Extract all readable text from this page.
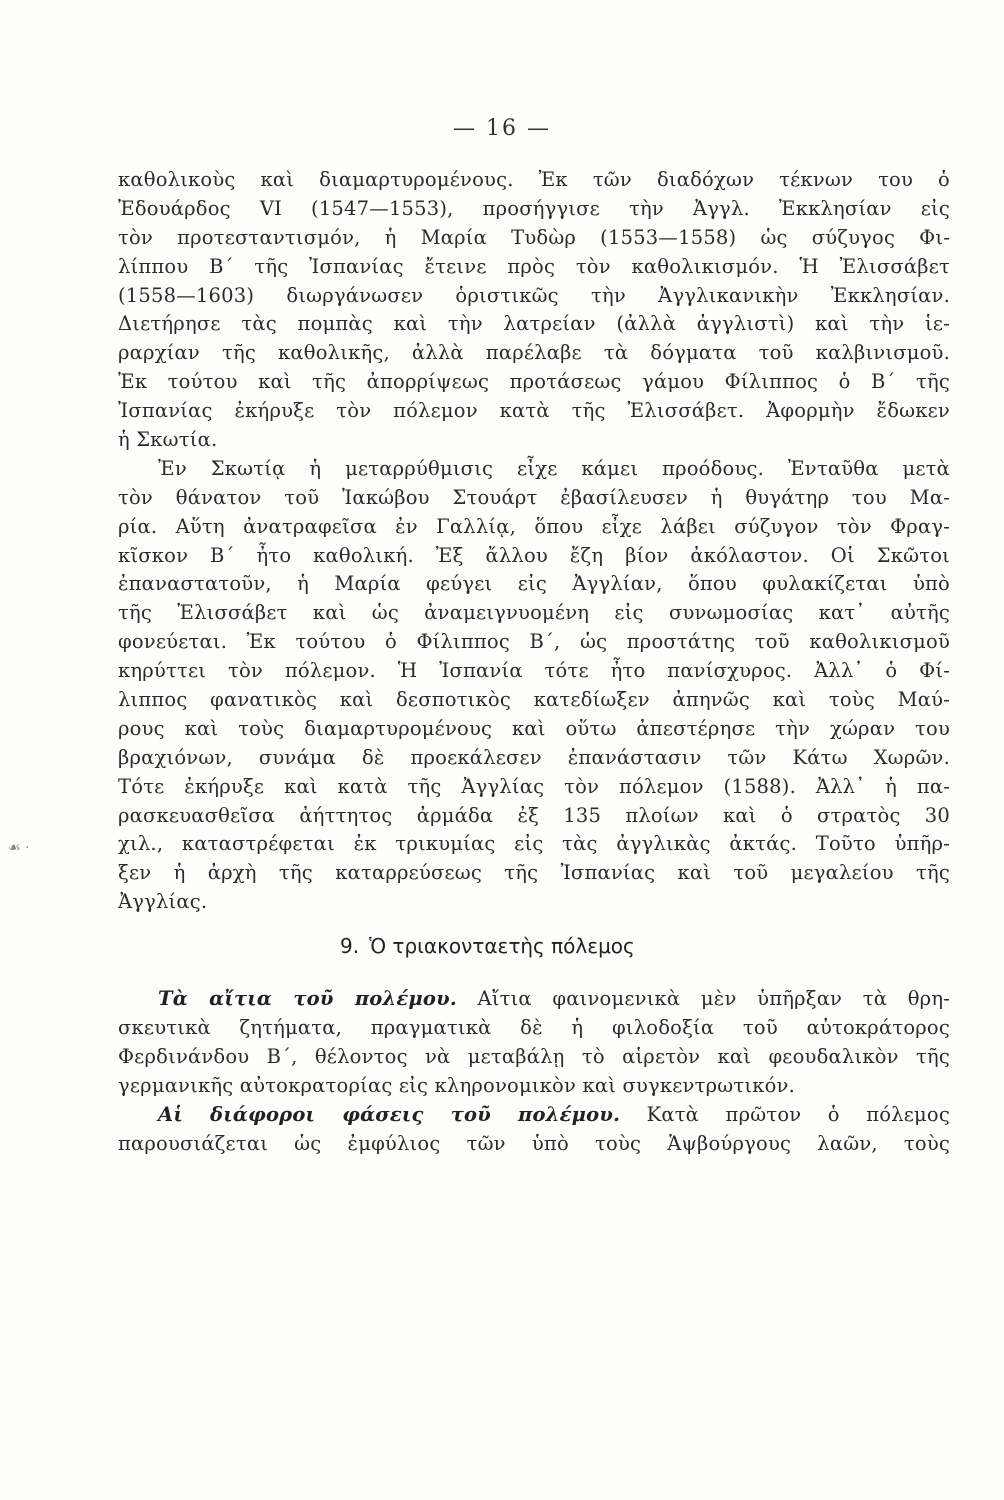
— 16 —
☙ ·
καθολικοὺς καὶ διαμαρτυρομένους. Ἐκ τῶν διαδόχων τέκνων του ὁ
Ἐδουάρδος VI (1547—1553), προσήγγισε τὴν Ἀγγλ. Ἐκκλησίαν εἰς
τὸν προτεσταντισμόν, ἡ Μαρία Τυδὼρ (1553—1558) ὡς σύζυγος Φι-
λίππου Β΄ τῆς Ἰσπανίας ἔτεινε πρὸς τὸν καθολικισμόν. Ἡ Ἐλισσάβετ
(1558—1603) διωργάνωσεν ὁριστικῶς τὴν Ἀγγλικανικὴν Ἐκκλησίαν.
Διετήρησε τὰς πομπὰς καὶ τὴν λατρείαν (ἀλλὰ ἀγγλιστὶ) καὶ τὴν ἱε-
ραρχίαν τῆς καθολικῆς, ἀλλὰ παρέλαβε τὰ δόγματα τοῦ καλβινισμοῦ.
Ἐκ τούτου καὶ τῆς ἀπορρίψεως προτάσεως γάμου Φίλιππος ὁ Β΄ τῆς
Ἰσπανίας ἐκήρυξε τὸν πόλεμον κατὰ τῆς Ἐλισσάβετ. Ἀφορμὴν ἔδωκεν
ἡ Σκωτία.
Ἐν Σκωτίᾳ ἡ μεταρρύθμισις εἶχε κάμει προόδους. Ἐνταῦθα μετὰ
τὸν θάνατον τοῦ Ἰακώβου Στουάρτ ἐβασίλευσεν ἡ θυγάτηρ του Μα-
ρία. Αὕτη ἀνατραφεῖσα ἐν Γαλλίᾳ, ὅπου εἶχε λάβει σύζυγον τὸν Φραγ-
κῖσκον Β΄ ἦτο καθολική. Ἐξ ἄλλου ἔζη βίον ἀκόλαστον. Οἱ Σκῶτοι
ἐπαναστατοῦν, ἡ Μαρία φεύγει εἰς Ἀγγλίαν, ὅπου φυλακίζεται ὑπὸ
τῆς Ἐλισσάβετ καὶ ὡς ἀναμειγνυομένη εἰς συνωμοσίας κατ᾽ αὐτῆς
φονεύεται. Ἐκ τούτου ὁ Φίλιππος Β΄, ὡς προστάτης τοῦ καθολικισμοῦ
κηρύττει τὸν πόλεμον. Ἡ Ἰσπανία τότε ἦτο πανίσχυρος. Ἀλλ᾽ ὁ Φί-
λιππος φανατικὸς καὶ δεσποτικὸς κατεδίωξεν ἀπηνῶς καὶ τοὺς Μαύ-
ρους καὶ τοὺς διαμαρτυρομένους καὶ οὕτω ἀπεστέρησε τὴν χώραν του
βραχιόνων, συνάμα δὲ προεκάλεσεν ἐπανάστασιν τῶν Κάτω Χωρῶν.
Τότε ἐκήρυξε καὶ κατὰ τῆς Ἀγγλίας τὸν πόλεμον (1588). Ἀλλ᾽ ἡ πα-
ρασκευασθεῖσα ἀήττητος ἀρμάδα ἐξ 135 πλοίων καὶ ὁ στρατὸς 30
χιλ., καταστρέφεται ἐκ τρικυμίας εἰς τὰς ἀγγλικὰς ἀκτάς. Τοῦτο ὑπῆρ-
ξεν ἡ ἀρχὴ τῆς καταρρεύσεως τῆς Ἰσπανίας καὶ τοῦ μεγαλείου τῆς
Ἀγγλίας.
9. Ὁ τριακονταετὴς πόλεμος
Τὰ αἴτια τοῦ πολέμου. Αἴτια φαινομενικὰ μὲν ὑπῆρξαν τὰ θρη-
σκευτικὰ ζητήματα, πραγματικὰ δὲ ἡ φιλοδοξία τοῦ αὐτοκράτορος
Φερδινάνδου Β΄, θέλοντος νὰ μεταβάλῃ τὸ αἱρετὸν καὶ φεουδαλικὸν τῆς
γερμανικῆς αὐτοκρατορίας εἰς κληρονομικὸν καὶ συγκεντρωτικόν.
Αἱ διάφοροι φάσεις τοῦ πολέμου. Κατὰ πρῶτον ὁ πόλεμος
παρουσιάζεται ὡς ἐμφύλιος τῶν ὑπὸ τοὺς Ἁψβούργους λαῶν, τοὺς
